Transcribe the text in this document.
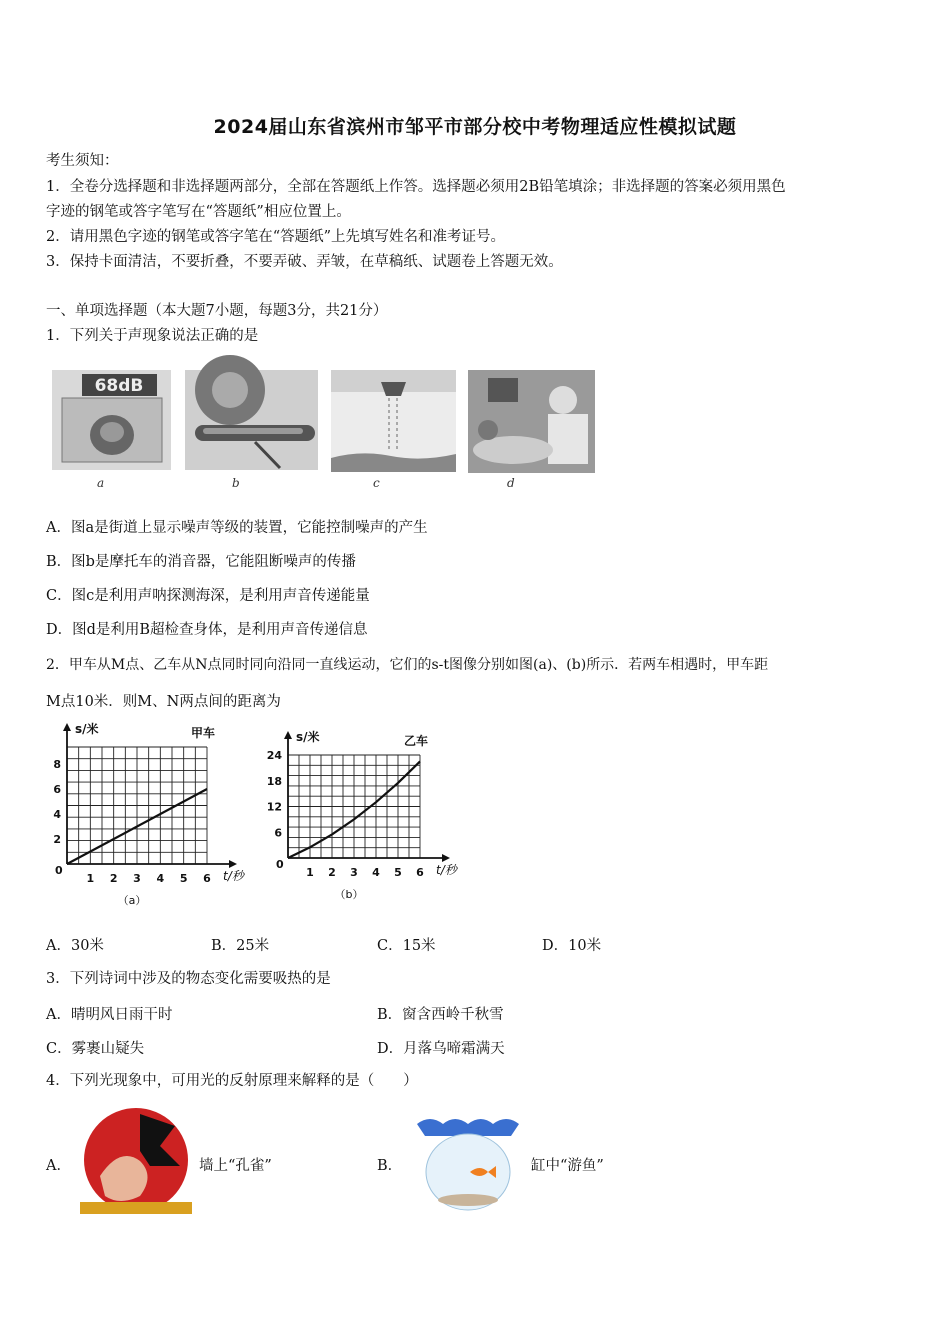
2024届山东省滨州市邹平市部分校中考物理适应性模拟试题
考生须知：
1．全卷分选择题和非选择题两部分，全部在答题纸上作答。选择题必须用2B铅笔填涂；非选择题的答案必须用黑色
字迹的钢笔或答字笔写在“答题纸”相应位置上。
2．请用黑色字迹的钢笔或答字笔在“答题纸”上先填写姓名和准考证号。
3．保持卡面清洁，不要折叠，不要弄破、弄皱，在草稿纸、试题卷上答题无效。
一、单项选择题（本大题7小题，每题3分，共21分）
1．下列关于声现象说法正确的是
68dB
a	b	c	d
A．图a是街道上显示噪声等级的装置，它能控制噪声的产生
B．图b是摩托车的消音器，它能阻断噪声的传播
C．图c是利用声呐探测海深，是利用声音传递能量
D．图d是利用B超检查身体，是利用声音传递信息
2．甲车从M点、乙车从N点同时同向沿同一直线运动，它们的s-t图像分别如图(a)、(b)所示．若两车相遇时，甲车距
M点10米．则M、N两点间的距离为
1 2 3 4 5 6
2
4
6
8
0
s/米
t/秒
甲车
（a）
1 2 3 4 5 6
6
12
18
24
0
s/米
t/秒
乙车
（b）
A．30米	B．25米	C．15米	D．10米
3．下列诗词中涉及的物态变化需要吸热的是
A．晴明风日雨干时	B．窗含西岭千秋雪
C．雾裹山疑失	D．月落乌啼霜满天
4．下列光现象中，可用光的反射原理来解释的是（　　）
A．	墙上“孔雀”	B．	缸中“游鱼”
